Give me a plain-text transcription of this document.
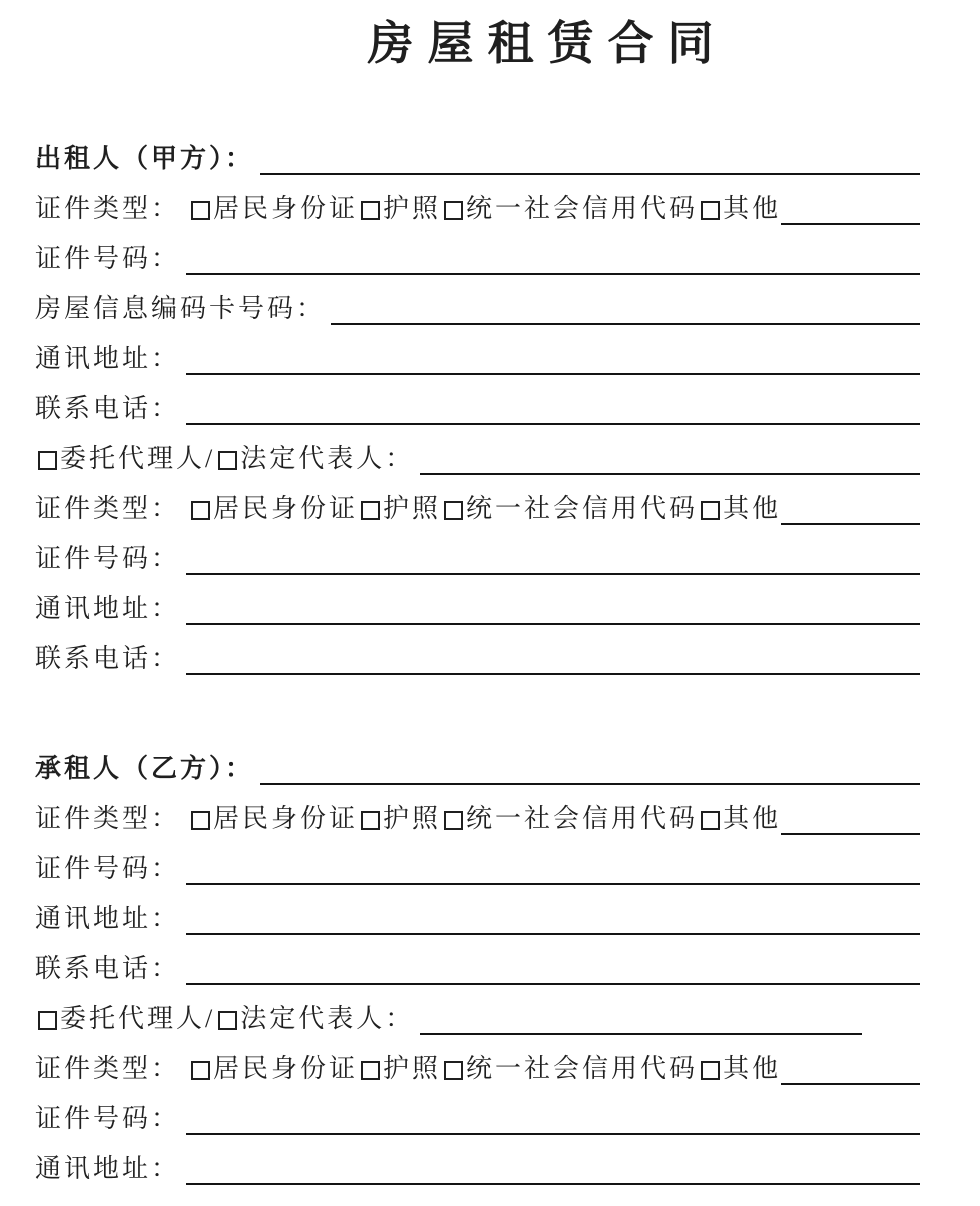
房屋租赁合同
出租人（甲方）：
证件类型： 居民身份证 护照 统一社会信用代码 其他
证件号码：
房屋信息编码卡号码：
通讯地址：
联系电话：
委托代理人/ 法定代表人：
证件类型： 居民身份证 护照 统一社会信用代码 其他
证件号码：
通讯地址：
联系电话：
承租人（乙方）：
证件类型： 居民身份证 护照 统一社会信用代码 其他
证件号码：
通讯地址：
联系电话：
委托代理人/ 法定代表人：
证件类型： 居民身份证 护照 统一社会信用代码 其他
证件号码：
通讯地址：
